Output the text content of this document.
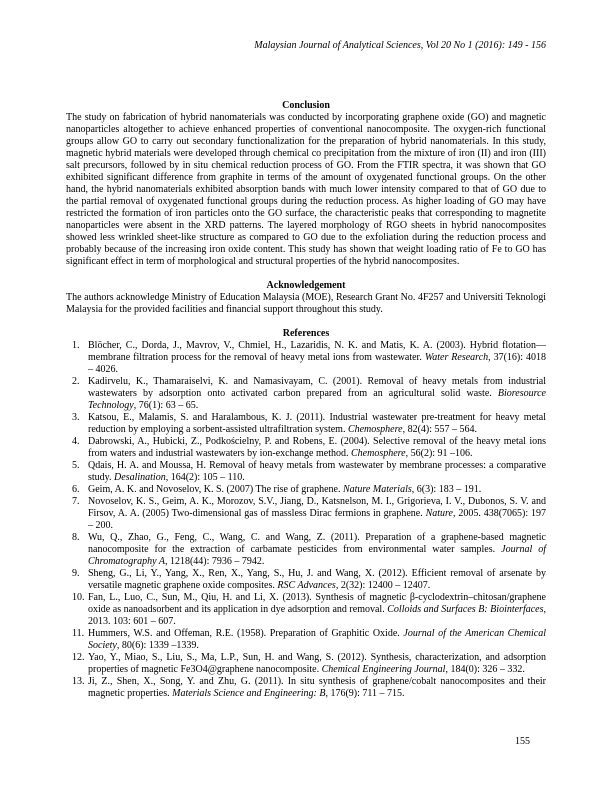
Malaysian Journal of Analytical Sciences, Vol 20 No 1 (2016): 149 - 156
Conclusion

The study on fabrication of hybrid nanomaterials was conducted by incorporating graphene oxide (GO) and magnetic nanoparticles altogether to achieve enhanced properties of conventional nanocomposite. The oxygen-rich functional groups allow GO to carry out secondary functionalization for the preparation of hybrid nanomaterials. In this study, magnetic hybrid materials were developed through chemical co precipitation from the mixture of iron (II) and iron (III) salt precursors, followed by in situ chemical reduction process of GO. From the FTIR spectra, it was shown that GO exhibited significant difference from graphite in terms of the amount of oxygenated functional groups. On the other hand, the hybrid nanomaterials exhibited absorption bands with much lower intensity compared to that of GO due to the partial removal of oxygenated functional groups during the reduction process. As higher loading of GO may have restricted the formation of iron particles onto the GO surface, the characteristic peaks that corresponding to magnetite nanoparticles were absent in the XRD patterns. The layered morphology of RGO sheets in hybrid nanocomposites showed less wrinkled sheet-like structure as compared to GO due to the exfoliation during the reduction process and probably because of the increasing iron oxide content. This study has shown that weight loading ratio of Fe to GO has significant effect in term of morphological and structural properties of the hybrid nanocomposites.

Acknowledgement

The authors acknowledge Ministry of Education Malaysia (MOE), Research Grant No. 4F257 and Universiti Teknologi Malaysia for the provided facilities and financial support throughout this study.

References
1. Blöcher, C., Dorda, J., Mavrov, V., Chmiel, H., Lazaridis, N. K. and Matis, K. A. (2003). Hybrid flotation—membrane filtration process for the removal of heavy metal ions from wastewater. Water Research, 37(16): 4018 – 4026.
2. Kadirvelu, K., Thamaraiselvi, K. and Namasivayam, C. (2001). Removal of heavy metals from industrial wastewaters by adsorption onto activated carbon prepared from an agricultural solid waste. Bioresource Technology, 76(1): 63 – 65.
3. Katsou, E., Malamis, S. and Haralambous, K. J. (2011). Industrial wastewater pre-treatment for heavy metal reduction by employing a sorbent-assisted ultrafiltration system. Chemosphere, 82(4): 557 – 564.
4. Dabrowski, A., Hubicki, Z., Podkościelny, P. and Robens, E. (2004). Selective removal of the heavy metal ions from waters and industrial wastewaters by ion-exchange method. Chemosphere, 56(2): 91 –106.
5. Qdais, H. A. and Moussa, H. Removal of heavy metals from wastewater by membrane processes: a comparative study. Desalination, 164(2): 105 – 110.
6. Geim, A. K. and Novoselov, K. S. (2007) The rise of graphene. Nature Materials, 6(3): 183 – 191.
7. Novoselov, K. S., Geim, A. K., Morozov, S.V., Jiang, D., Katsnelson, M. I., Grigorieva, I. V., Dubonos, S. V. and Firsov, A. A. (2005) Two-dimensional gas of massless Dirac fermions in graphene. Nature, 2005. 438(7065): 197 – 200.
8. Wu, Q., Zhao, G., Feng, C., Wang, C. and Wang, Z. (2011). Preparation of a graphene-based magnetic nanocomposite for the extraction of carbamate pesticides from environmental water samples. Journal of Chromatography A, 1218(44): 7936 – 7942.
9. Sheng, G., Li, Y., Yang, X., Ren, X., Yang, S., Hu, J. and Wang, X. (2012). Efficient removal of arsenate by versatile magnetic graphene oxide composites. RSC Advances, 2(32): 12400 – 12407.
10. Fan, L., Luo, C., Sun, M., Qiu, H. and Li, X. (2013). Synthesis of magnetic β-cyclodextrin–chitosan/graphene oxide as nanoadsorbent and its application in dye adsorption and removal. Colloids and Surfaces B: Biointerfaces, 2013. 103: 601 – 607.
11. Hummers, W.S. and Offeman, R.E. (1958). Preparation of Graphitic Oxide. Journal of the American Chemical Society, 80(6): 1339 –1339.
12. Yao, Y., Miao, S., Liu, S., Ma, L.P., Sun, H. and Wang, S. (2012). Synthesis, characterization, and adsorption properties of magnetic Fe3O4@graphene nanocomposite. Chemical Engineering Journal, 184(0): 326 – 332.
13. Ji, Z., Shen, X., Song, Y. and Zhu, G. (2011). In situ synthesis of graphene/cobalt nanocomposites and their magnetic properties. Materials Science and Engineering: B, 176(9): 711 – 715.
155
